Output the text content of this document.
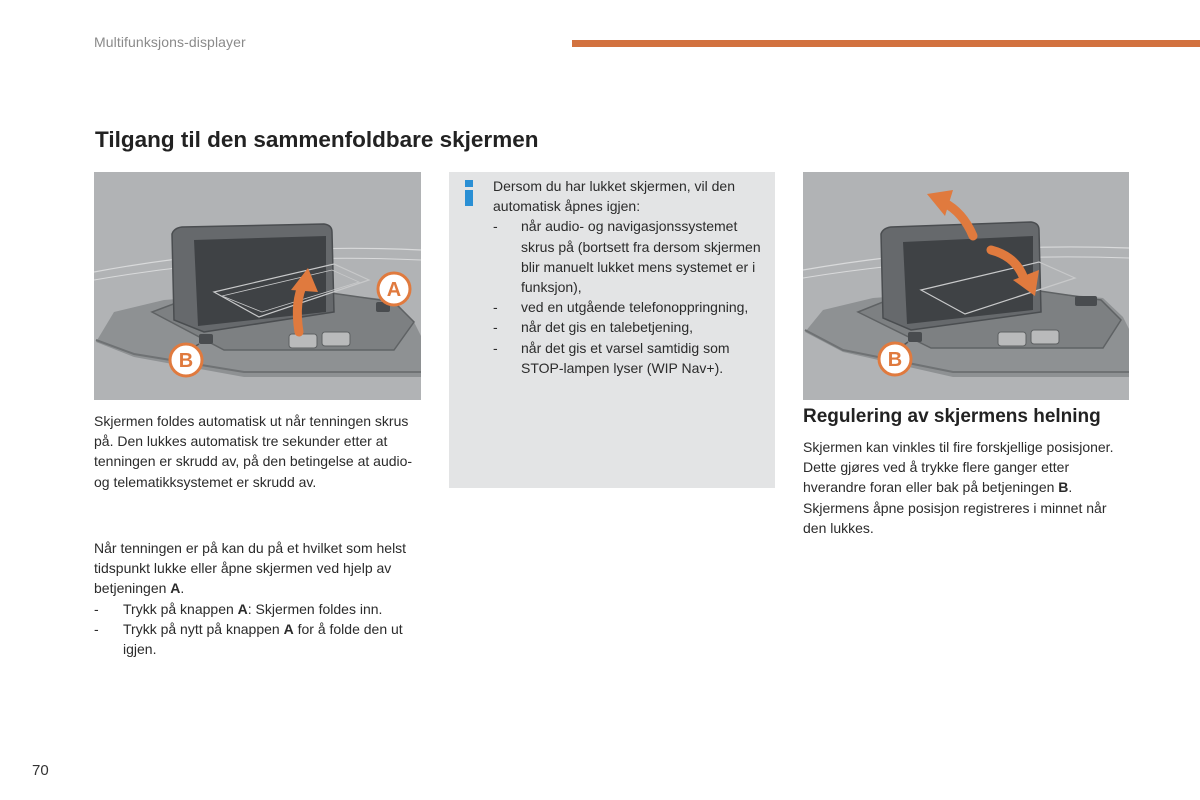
Multifunksjons-displayer
Tilgang til den sammenfoldbare skjermen
A
B

Skjermen foldes automatisk ut når tenningen skrus på. Den lukkes automatisk tre sekunder etter at tenningen er skrudd av, på den betingelse at audio- og telematikksystemet er skrudd av.

Når tenningen er på kan du på et hvilket som helst tidspunkt lukke eller åpne skjermen ved hjelp av betjeningen A.
- Trykk på knappen A: Skjermen foldes inn.
- Trykk på nytt på knappen A for å folde den ut igjen.
Dersom du har lukket skjermen, vil den automatisk åpnes igjen:
- når audio- og navigasjonssystemet skrus på (bortsett fra dersom skjermen blir manuelt lukket mens systemet er i funksjon),
- ved en utgående telefonoppringning,
- når det gis en talebetjening,
- når det gis et varsel samtidig som STOP-lampen lyser (WIP Nav+).	B
Regulering av skjermens helning

Skjermen kan vinkles til fire forskjellige posisjoner. Dette gjøres ved å trykke flere ganger etter hverandre foran eller bak på betjeningen B. Skjermens åpne posisjon registreres i minnet når den lukkes.

70
